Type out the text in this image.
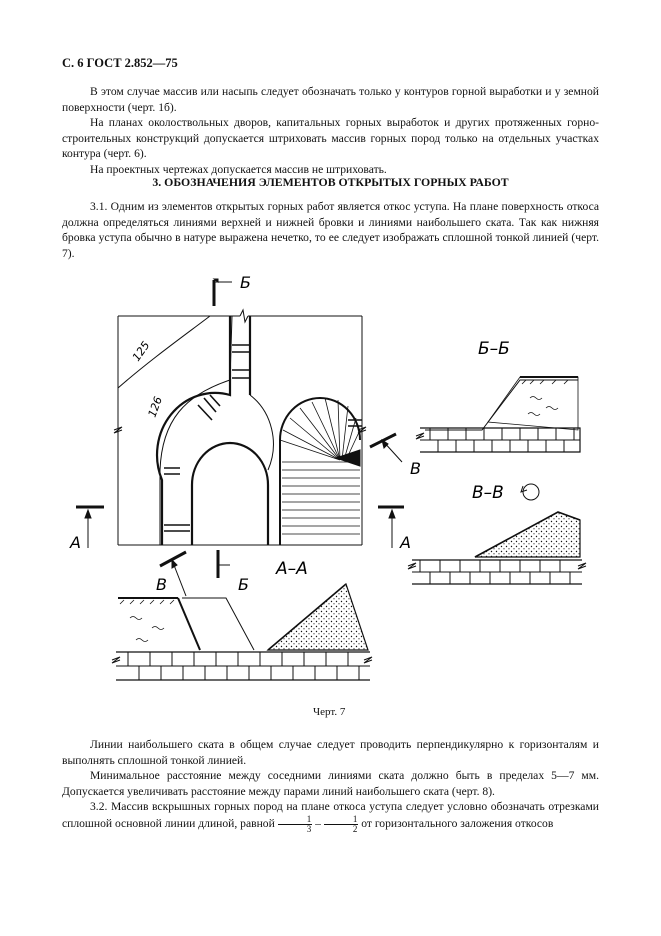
С. 6 ГОСТ 2.852—75

В этом случае массив или насыпь следует обозначать только у контуров горной выработки и у земной поверхности (черт. 1б).

На планах околоствольных дворов, капитальных горных выработок и других протяженных горно-строительных конструкций допускается штриховать массив горных пород только на отдельных участках контура (черт. 6).

На проектных чертежах допускается массив не штриховать.

3. ОБОЗНАЧЕНИЯ ЭЛЕМЕНТОВ ОТКРЫТЫХ ГОРНЫХ РАБОТ

3.1. Одним из элементов открытых горных работ является откос уступа. На плане поверхность откоса должна определяться линиями верхней и нижней бровки и линиями наибольшего ската. Так как нижняя бровка уступа обычно в натуре выражена нечетко, то ее следует изображать сплошной тонкой линией (черт. 7).

125
126
Б
Б
А	А
В
В
Б–Б
В–В
А–А
Черт. 7

Линии наибольшего ската в общем случае следует проводить перпендикулярно к горизонталям и выполнять сплошной тонкой линией.

Минимальное расстояние между соседними линиями ската должно быть в пределах 5—7 мм. Допускается увеличивать расстояние между парами линий наибольшего ската (черт. 8).

3.2. Массив вскрышных горных пород на плане откоса уступа следует условно обозначать отрезками сплошной основной линии длиной, равной $\frac{1}{3} - \frac{1}{2}$ от горизонтального заложения откосов
